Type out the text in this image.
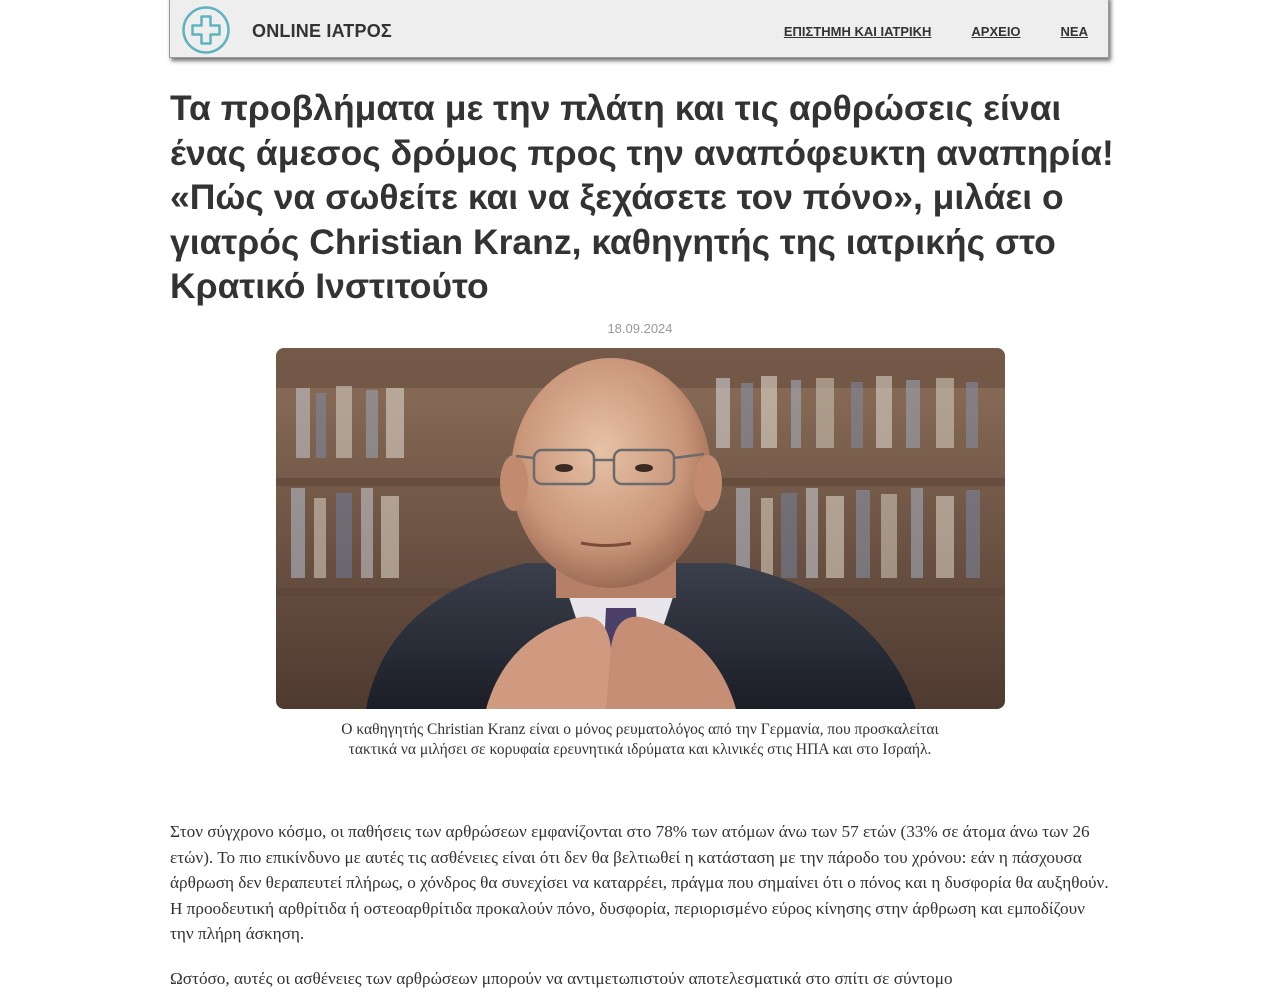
ONLINE ΙΑΤΡΟΣ	ΕΠΙΣΤΗΜΗ ΚΑΙ ΙΑΤΡΙΚΗ	ΑΡΧΕΙΟ	ΝΕΑ
Τα προβλήματα με την πλάτη και τις αρθρώσεις είναι ένας άμεσος δρόμος προς την αναπόφευκτη αναπηρία! «Πώς να σωθείτε και να ξεχάσετε τον πόνο», μιλάει ο γιατρός Christian Kranz, καθηγητής της ιατρικής στο Κρατικό Ινστιτούτο
18.09.2024

Ο καθηγητής Christian Kranz είναι ο μόνος ρευματολόγος από την Γερμανία, που προσκαλείται τακτικά να μιλήσει σε κορυφαία ερευνητικά ιδρύματα και κλινικές στις ΗΠΑ και στο Ισραήλ.

Στον σύγχρονο κόσμο, οι παθήσεις των αρθρώσεων εμφανίζονται στο 78% των ατόμων άνω των 57 ετών (33% σε άτομα άνω των 26 ετών). Το πιο επικίνδυνο με αυτές τις ασθένειες είναι ότι δεν θα βελτιωθεί η κατάσταση με την πάροδο του χρόνου: εάν η πάσχουσα άρθρωση δεν θεραπευτεί πλήρως, ο χόνδρος θα συνεχίσει να καταρρέει, πράγμα που σημαίνει ότι ο πόνος και η δυσφορία θα αυξηθούν. Η προοδευτική αρθρίτιδα ή οστεοαρθρίτιδα προκαλούν πόνο, δυσφορία, περιορισμένο εύρος κίνησης στην άρθρωση και εμποδίζουν την πλήρη άσκηση.

Ωστόσο, αυτές οι ασθένειες των αρθρώσεων μπορούν να αντιμετωπιστούν αποτελεσματικά στο σπίτι σε σύντομο
